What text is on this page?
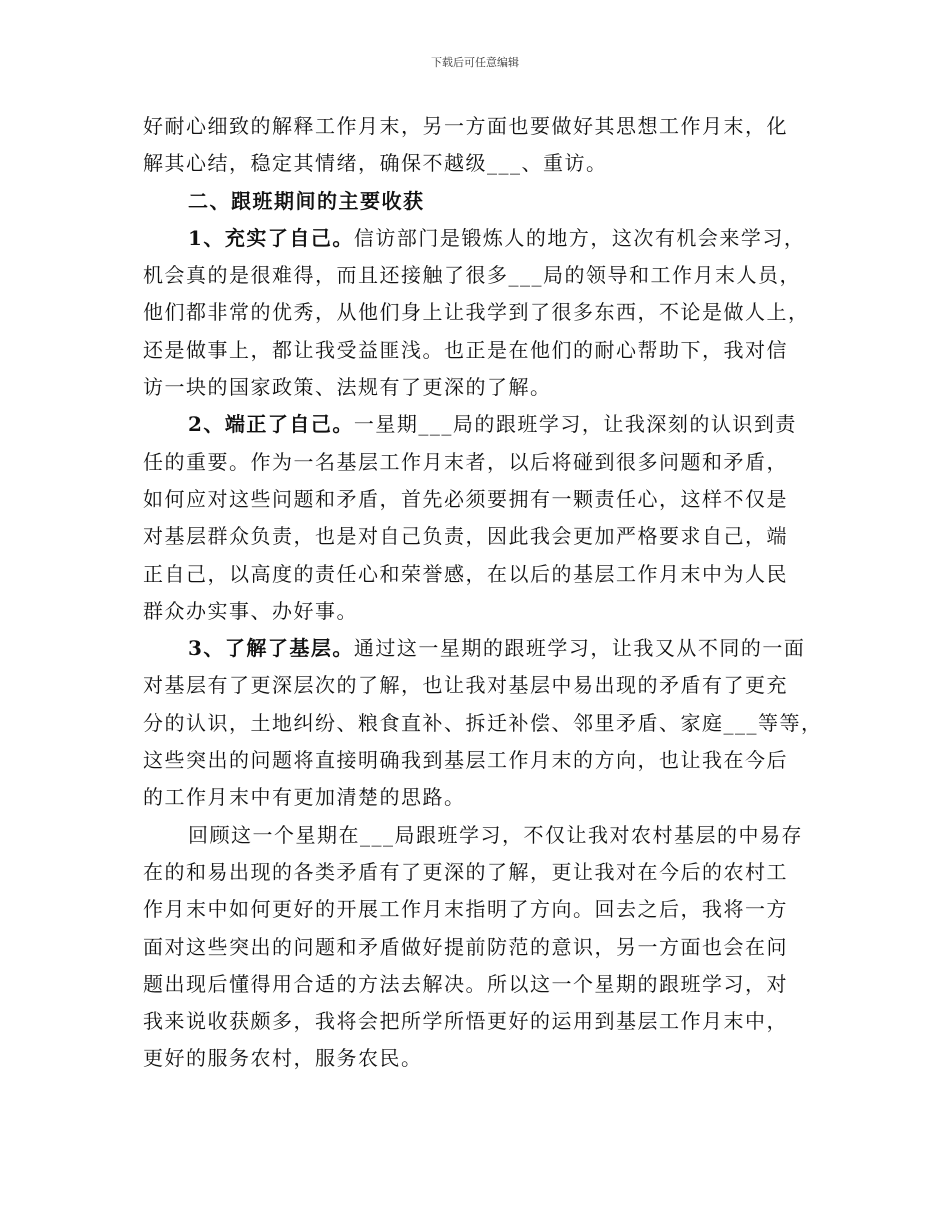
下载后可任意编辑

好耐心细致的解释工作月末，另一方面也要做好其思想工作月末，化
解其心结，稳定其情绪，确保不越级___、重访。

二、跟班期间的主要收获

1、充实了自己。信访部门是锻炼人的地方，这次有机会来学习，
机会真的是很难得，而且还接触了很多___局的领导和工作月末人员，
他们都非常的优秀，从他们身上让我学到了很多东西，不论是做人上，
还是做事上，都让我受益匪浅。也正是在他们的耐心帮助下，我对信
访一块的国家政策、法规有了更深的了解。

2、端正了自己。一星期___局的跟班学习，让我深刻的认识到责
任的重要。作为一名基层工作月末者，以后将碰到很多问题和矛盾，
如何应对这些问题和矛盾，首先必须要拥有一颗责任心，这样不仅是
对基层群众负责，也是对自己负责，因此我会更加严格要求自己，端
正自己，以高度的责任心和荣誉感，在以后的基层工作月末中为人民
群众办实事、办好事。

3、了解了基层。通过这一星期的跟班学习，让我又从不同的一面
对基层有了更深层次的了解，也让我对基层中易出现的矛盾有了更充
分的认识，土地纠纷、粮食直补、拆迁补偿、邻里矛盾、家庭___等等，
这些突出的问题将直接明确我到基层工作月末的方向，也让我在今后
的工作月末中有更加清楚的思路。

回顾这一个星期在___局跟班学习，不仅让我对农村基层的中易存
在的和易出现的各类矛盾有了更深的了解，更让我对在今后的农村工
作月末中如何更好的开展工作月末指明了方向。回去之后，我将一方
面对这些突出的问题和矛盾做好提前防范的意识，另一方面也会在问
题出现后懂得用合适的方法去解决。所以这一个星期的跟班学习，对
我来说收获颇多，我将会把所学所悟更好的运用到基层工作月末中，
更好的服务农村，服务农民。
